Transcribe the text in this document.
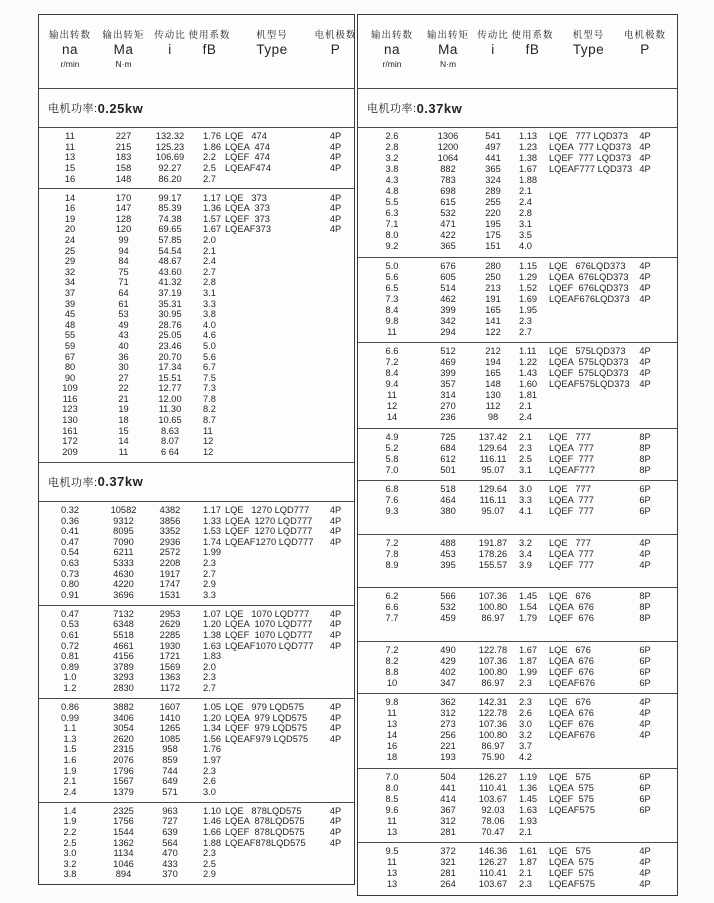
输出转数
na
r/min
输出转矩
Ma
N·m
传动比
i
使用系数
fB
机型号
Type
电机极数
P
电机功率: 0.25kw
11	227	132.32	1.76 LQE   474	4P
11	215	125.23	1.86 LQEA  474	4P
13	183	106.69	2.2 LQEF  474	4P
15	158	92.27	2.5 LQEAF474	4P
16	148	86.20	2.7
14	170	99.17	1.17 LQE   373	4P
16	147	85.39	1.36 LQEA  373	4P
19	128	74.38	1.57 LQEF  373	4P
20	120	69.65	1.67 LQEAF373	4P
24	99	57.85	2.0
25	94	54.54	2.1
29	84	48.67	2.4
32	75	43.60	2.7
34	71	41.32	2.8
37	64	37.19	3.1
39	61	35.31	3.3
45	53	30.95	3.8
48	49	28.76	4.0
55	43	25.05	4.6
59	40	23.46	5.0
67	36	20.70	5.6
80	30	17.34	6.7
90	27	15.51	7.5
109	22	12.77	7.3
116	21	12.00	7.8
123	19	11.30	8.2
130	18	10.65	8.7
161	15	8.63	11
172	14	8.07	12
209	11	6 64	12
电机功率: 0.37kw
0.32	10582	4382	1.17 LQE   1270 LQD777	4P
0.36	9312	3856	1.33 LQEA  1270 LQD777	4P
0.41	8095	3352	1.53 LQEF  1270 LQD777	4P
0.47	7090	2936	1.74 LQEAF1270 LQD777	4P
0.54	6211	2572	1.99
0.63	5333	2208	2.3
0.73	4630	1917	2.7
0.80	4220	1747	2.9
0.91	3696	1531	3.3
0.47	7132	2953	1.07 LQE   1070 LQD777	4P
0.53	6348	2629	1.20 LQEA  1070 LQD777	4P
0.61	5518	2285	1.38 LQEF  1070 LQD777	4P
0.72	4661	1930	1.63 LQEAF1070 LQD777	4P
0.81	4156	1721	1.83
0.89	3789	1569	2.0
1.0	3293	1363	2.3
1.2	2830	1172	2.7
0.86	3882	1607	1.05 LQE   979 LQD575	4P
0.99	3406	1410	1.20 LQEA  979 LQD575	4P
1.1	3054	1265	1.34 LQEF  979 LQD575	4P
1.3	2620	1085	1.56 LQEAF979 LQD575	4P
1.5	2315	958	1.76
1.6	2076	859	1.97
1.9	1796	744	2.3
2.1	1567	649	2.6
2.4	1379	571	3.0
1.4	2325	963	1.10 LQE   878LQD575	4P
1.9	1756	727	1.46 LQEA  878LQD575	4P
2.2	1544	639	1.66 LQEF  878LQD575	4P
2.5	1362	564	1.88 LQEAF878LQD575	4P
3.0	1134	470	2.3
3.2	1046	433	2.5
3.8	894	370	2.9
输出转数
na
r/min
输出转矩
Ma
N·m
传动比
i
使用系数
fB
机型号
Type
电机极数
P
电机功率: 0.37kw
2.6	1306	541	1.13	LQE   777 LQD373	4P
2.8	1200	497	1.23	LQEA  777 LQD373 4P
3.2	1064	441	1.38	LQEF  777 LQD373 4P
3.8	882	365	1.67	LQEAF777 LQD373 4P
4.3	783	324	1.88
4.8	698	289	2.1
5.5	615	255	2.4
6.3	532	220	2.8
7.1	471	195	3.1
8.0	422	175	3.5
9.2	365	151	4.0
5.0	676	280	1.15	LQE   676LQD373	4P
5.6	605	250	1.29	LQEA  676LQD373	4P
6.5	514	213	1.52	LQEF  676LQD373	4P
7.3	462	191	1.69	LQEAF676LQD373	4P
8.4	399	165	1.95
9.8	342	141	2.3
11	294	122	2.7
6.6	512	212	1.11	LQE   575LQD373	4P
7.2	469	194	1.22	LQEA  575LQD373	4P
8.4	399	165	1.43	LQEF  575LQD373	4P
9.4	357	148	1.60	LQEAF575LQD373	4P
11	314	130	1.81
12	270	112	2.1
14	236	98	2.4
4.9	725	137.42	2.1	LQE   777	8P
5.2	684	129.64	2.3	LQEA  777	8P
5.8	612	116.11	2.5	LQEF  777	8P
7.0	501	95.07	3.1	LQEAF777	8P
6.8	518	129.64	3.0	LQE   777	6P
7.6	464	116.11	3.3	LQEA  777	6P
9.3	380	95.07	4.1	LQEF  777	6P
7.2	488	191.87	3.2	LQE   777	4P
7.8	453	178.26	3.4	LQEA  777	4P
8.9	395	155.57	3.9	LQEF  777	4P
6.2	566	107.36	1.45	LQE   676	8P
6.6	532	100.80	1.54	LQEA  676	8P
7.7	459	86.97	1.79	LQEF  676	8P
7.2	490	122.78	1.67	LQE   676	6P
8.2	429	107.36	1.87	LQEA  676	6P
8.8	402	100.80	1.99	LQEF  676	6P
10	347	86.97	2.3	LQEAF676	6P
9.8	362	142.31	2.3	LQE   676	4P
11	312	122.78	2.6	LQEA  676	4P
13	273	107.36	3.0	LQEF  676	4P
14	256	100.80	3.2	LQEAF676	4P
16	221	86.97	3.7
18	193	75.90	4.2
7.0	504	126.27	1.19	LQE   575	6P
8.0	441	110.41	1.36	LQEA  575	6P
8.5	414	103.67	1.45	LQEF  575	6P
9.6	367	92.03	1.63	LQEAF575	6P
11	312	78.06	1.93
13	281	70.47	2.1
9.5	372	146.36	1.61	LQE   575	4P
11	321	126.27	1.87	LQEA  575	4P
13	281	110.41	2.1	LQEF  575	4P
13	264	103.67	2.3	LQEAF575	4P
